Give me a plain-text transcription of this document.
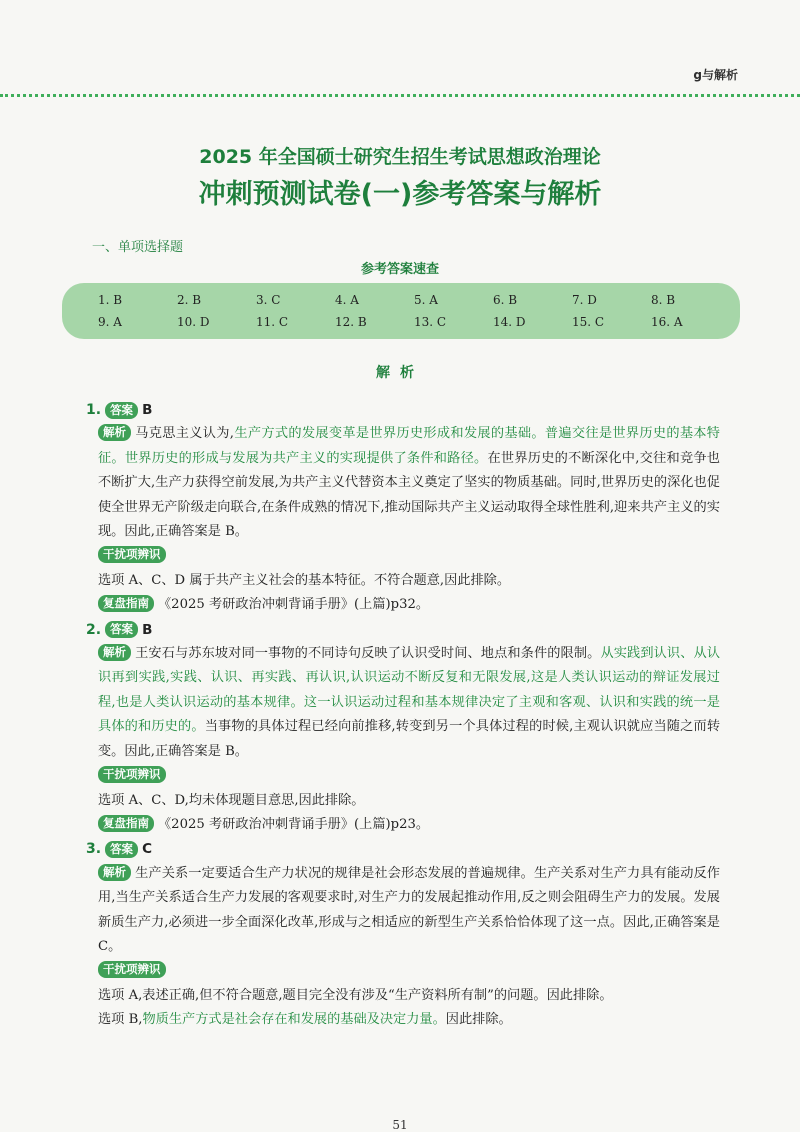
g与解析
2025 年全国硕士研究生招生考试思想政治理论
冲刺预测试卷(一)参考答案与解析
一、单项选择题
参考答案速查
1. B	2. B	3. C	4. A	5. A	6. B	7. D	8. B
9. A	10. D	11. C	12. B	13. C	14. D	15. C	16. A
解析
1. 答案 B

解析 马克思主义认为,生产方式的发展变革是世界历史形成和发展的基础。普遍交往是世界历史的基本特征。世界历史的形成与发展为共产主义的实现提供了条件和路径。在世界历史的不断深化中,交往和竞争也不断扩大,生产力获得空前发展,为共产主义代替资本主义奠定了坚实的物质基础。同时,世界历史的深化也促使全世界无产阶级走向联合,在条件成熟的情况下,推动国际共产主义运动取得全球性胜利,迎来共产主义的实现。因此,正确答案是 B。

干扰项辨识

选项 A、C、D 属于共产主义社会的基本特征。不符合题意,因此排除。

复盘指南 《2025 考研政治冲刺背诵手册》(上篇)p32。

2. 答案 B

解析 王安石与苏东坡对同一事物的不同诗句反映了认识受时间、地点和条件的限制。从实践到认识、从认识再到实践,实践、认识、再实践、再认识,认识运动不断反复和无限发展,这是人类认识运动的辩证发展过程,也是人类认识运动的基本规律。这一认识运动过程和基本规律决定了主观和客观、认识和实践的统一是具体的和历史的。当事物的具体过程已经向前推移,转变到另一个具体过程的时候,主观认识就应当随之而转变。因此,正确答案是 B。

干扰项辨识

选项 A、C、D,均未体现题目意思,因此排除。

复盘指南 《2025 考研政治冲刺背诵手册》(上篇)p23。

3. 答案 C

解析 生产关系一定要适合生产力状况的规律是社会形态发展的普遍规律。生产关系对生产力具有能动反作用,当生产关系适合生产力发展的客观要求时,对生产力的发展起推动作用,反之则会阻碍生产力的发展。发展新质生产力,必须进一步全面深化改革,形成与之相适应的新型生产关系恰恰体现了这一点。因此,正确答案是 C。

干扰项辨识

选项 A,表述正确,但不符合题意,题目完全没有涉及“生产资料所有制”的问题。因此排除。

选项 B,物质生产方式是社会存在和发展的基础及决定力量。因此排除。

51
